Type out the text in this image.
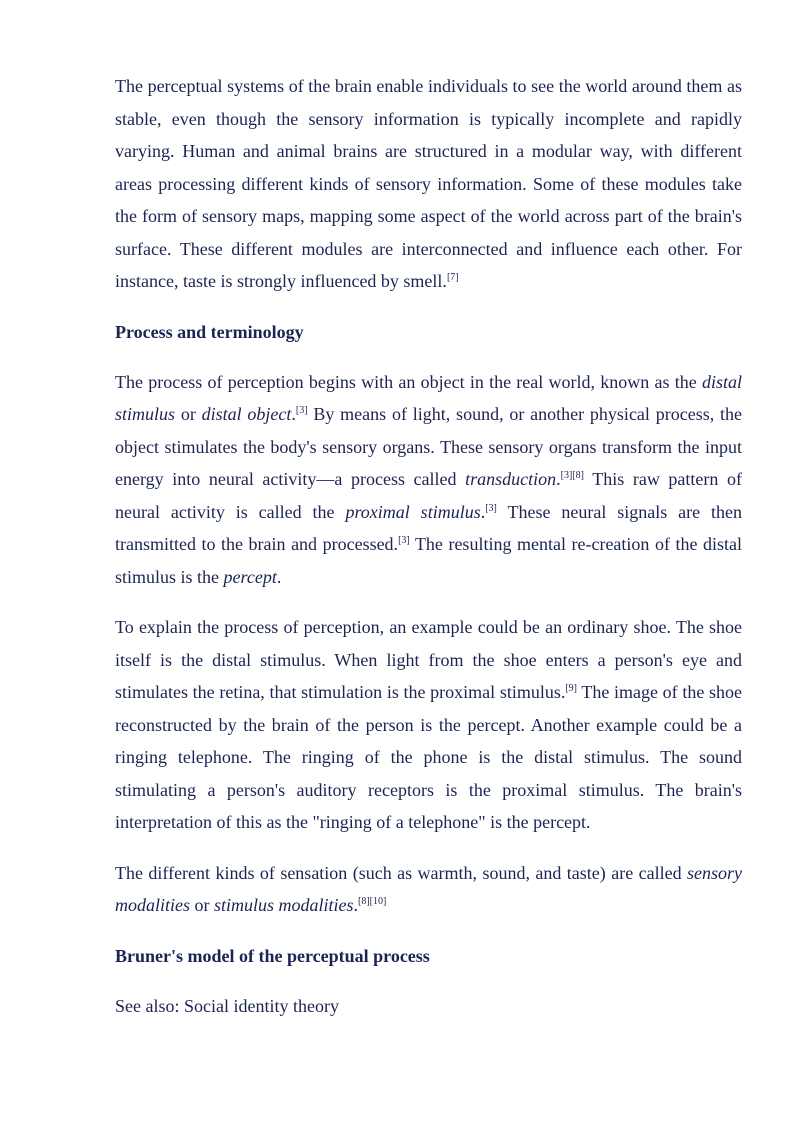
The perceptual systems of the brain enable individuals to see the world around them as stable, even though the sensory information is typically incomplete and rapidly varying. Human and animal brains are structured in a modular way, with different areas processing different kinds of sensory information. Some of these modules take the form of sensory maps, mapping some aspect of the world across part of the brain's surface. These different modules are interconnected and influence each other. For instance, taste is strongly influenced by smell.[7]

Process and terminology

The process of perception begins with an object in the real world, known as the distal stimulus or distal object.[3] By means of light, sound, or another physical process, the object stimulates the body's sensory organs. These sensory organs transform the input energy into neural activity—a process called transduction.[3][8] This raw pattern of neural activity is called the proximal stimulus.[3] These neural signals are then transmitted to the brain and processed.[3] The resulting mental re-creation of the distal stimulus is the percept.

To explain the process of perception, an example could be an ordinary shoe. The shoe itself is the distal stimulus. When light from the shoe enters a person's eye and stimulates the retina, that stimulation is the proximal stimulus.[9] The image of the shoe reconstructed by the brain of the person is the percept. Another example could be a ringing telephone. The ringing of the phone is the distal stimulus. The sound stimulating a person's auditory receptors is the proximal stimulus. The brain's interpretation of this as the "ringing of a telephone" is the percept.

The different kinds of sensation (such as warmth, sound, and taste) are called sensory modalities or stimulus modalities.[8][10]

Bruner's model of the perceptual process

See also: Social identity theory
